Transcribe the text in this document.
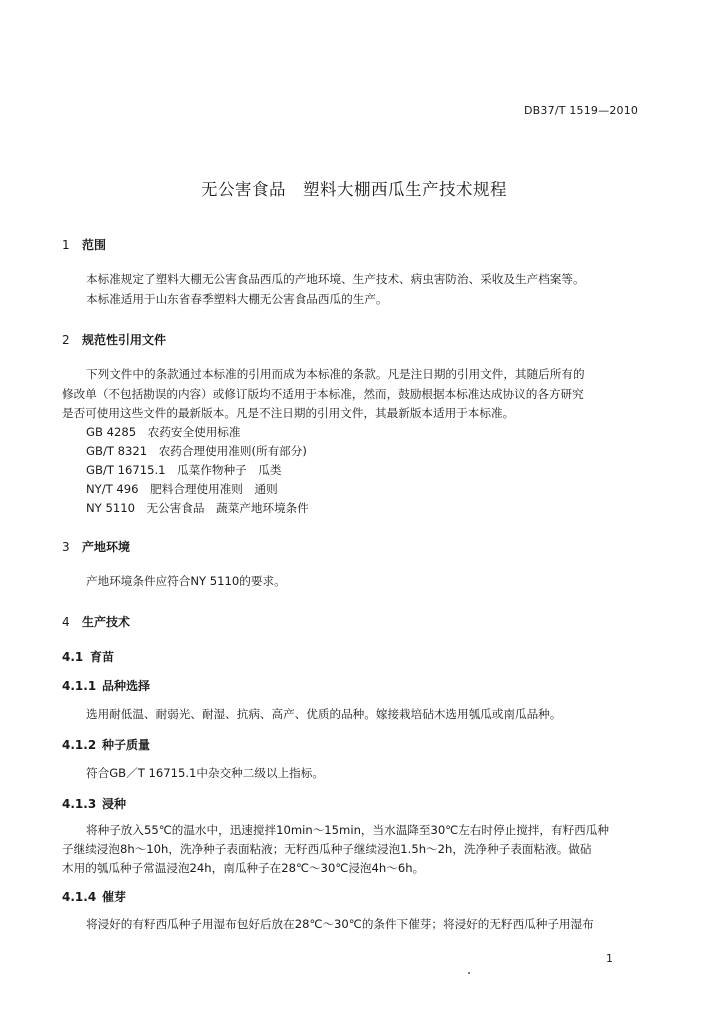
DB37/T 1519—2010
无公害食品　塑料大棚西瓜生产技术规程
1 范围
本标准规定了塑料大棚无公害食品西瓜的产地环境、生产技术、病虫害防治、采收及生产档案等。
本标准适用于山东省春季塑料大棚无公害食品西瓜的生产。
2 规范性引用文件
下列文件中的条款通过本标准的引用而成为本标准的条款。凡是注日期的引用文件，其随后所有的
修改单（不包括勘误的内容）或修订版均不适用于本标准，然而，鼓励根据本标准达成协议的各方研究
是否可使用这些文件的最新版本。凡是不注日期的引用文件，其最新版本适用于本标准。
GB 4285　农药安全使用标准
GB/T 8321　农药合理使用准则(所有部分)
GB/T 16715.1　瓜菜作物种子　瓜类
NY/T 496　肥料合理使用准则　通则
NY 5110　无公害食品　蔬菜产地环境条件
3 产地环境
产地环境条件应符合NY 5110的要求。
4 生产技术
4.1 育苗
4.1.1 品种选择
选用耐低温、耐弱光、耐湿、抗病、高产、优质的品种。嫁接栽培砧木选用瓠瓜或南瓜品种。
4.1.2 种子质量
符合GB／T 16715.1中杂交种二级以上指标。
4.1.3 浸种
将种子放入55℃的温水中，迅速搅拌10min～15min，当水温降至30℃左右时停止搅拌，有籽西瓜种
子继续浸泡8h～10h，洗净种子表面粘液；无籽西瓜种子继续浸泡1.5h～2h，洗净种子表面粘液。做砧
木用的瓠瓜种子常温浸泡24h，南瓜种子在28℃～30℃浸泡4h～6h。
4.1.4 催芽
将浸好的有籽西瓜种子用湿布包好后放在28℃～30℃的条件下催芽；将浸好的无籽西瓜种子用湿布
1
